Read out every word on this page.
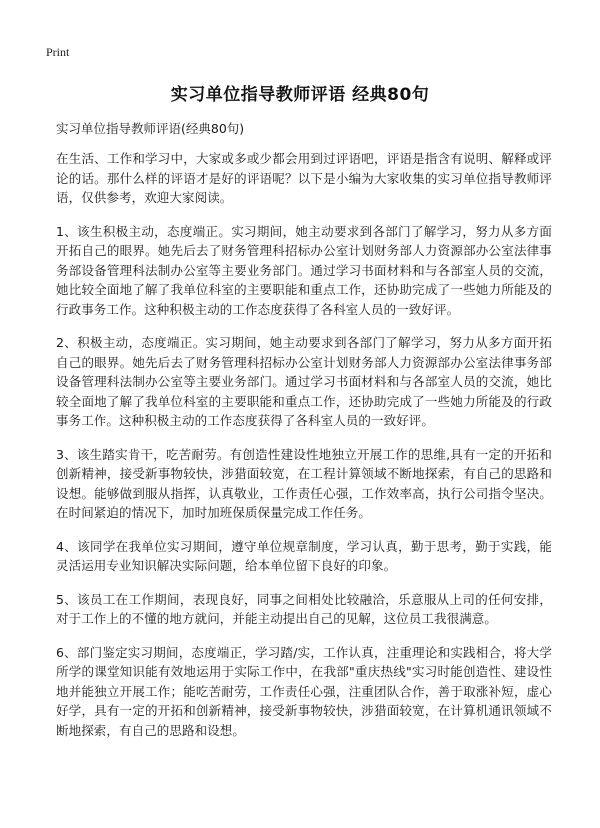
Print
实习单位指导教师评语 经典80句

实习单位指导教师评语(经典80句)

在生活、工作和学习中，大家或多或少都会用到过评语吧，评语是指含有说明、解释或评论的话。那什么样的评语才是好的评语呢？以下是小编为大家收集的实习单位指导教师评语，仅供参考，欢迎大家阅读。

1、该生积极主动，态度端正。实习期间，她主动要求到各部门了解学习，努力从多方面开拓自己的眼界。她先后去了财务管理科招标办公室计划财务部人力资源部办公室法律事务部设备管理科法制办公室等主要业务部门。通过学习书面材料和与各部室人员的交流，她比较全面地了解了我单位科室的主要职能和重点工作，还协助完成了一些她力所能及的行政事务工作。这种积极主动的工作态度获得了各科室人员的一致好评。

2、积极主动，态度端正。实习期间，她主动要求到各部门了解学习，努力从多方面开拓自己的眼界。她先后去了财务管理科招标办公室计划财务部人力资源部办公室法律事务部设备管理科法制办公室等主要业务部门。通过学习书面材料和与各部室人员的交流，她比较全面地了解了我单位科室的主要职能和重点工作，还协助完成了一些她力所能及的行政事务工作。这种积极主动的工作态度获得了各科室人员的一致好评。

3、该生踏实肯干，吃苦耐劳。有创造性建设性地独立开展工作的思维,具有一定的开拓和创新精神，接受新事物较快，涉猎面较宽，在工程计算领域不断地探索，有自己的思路和设想。能够做到服从指挥，认真敬业，工作责任心强，工作效率高，执行公司指令坚决。在时间紧迫的情况下，加时加班保质保量完成工作任务。

4、该同学在我单位实习期间，遵守单位规章制度，学习认真，勤于思考，勤于实践，能灵活运用专业知识解决实际问题，给本单位留下良好的印象。

5、该员工在工作期间，表现良好，同事之间相处比较融洽，乐意服从上司的任何安排，对于工作上的不懂的地方就问，并能主动提出自己的见解，这位员工我很满意。

6、部门鉴定实习期间，态度端正，学习踏/实，工作认真，注重理论和实践相合，将大学所学的课堂知识能有效地运用于实际工作中，在我部"重庆热线"实习时能创造性、建设性地并能独立开展工作；能吃苦耐劳，工作责任心强，注重团队合作，善于取涨补短，虚心好学，具有一定的开拓和创新精神，接受新事物较快，涉猎面较宽，在计算机通讯领域不断地探索，有自己的思路和设想。
